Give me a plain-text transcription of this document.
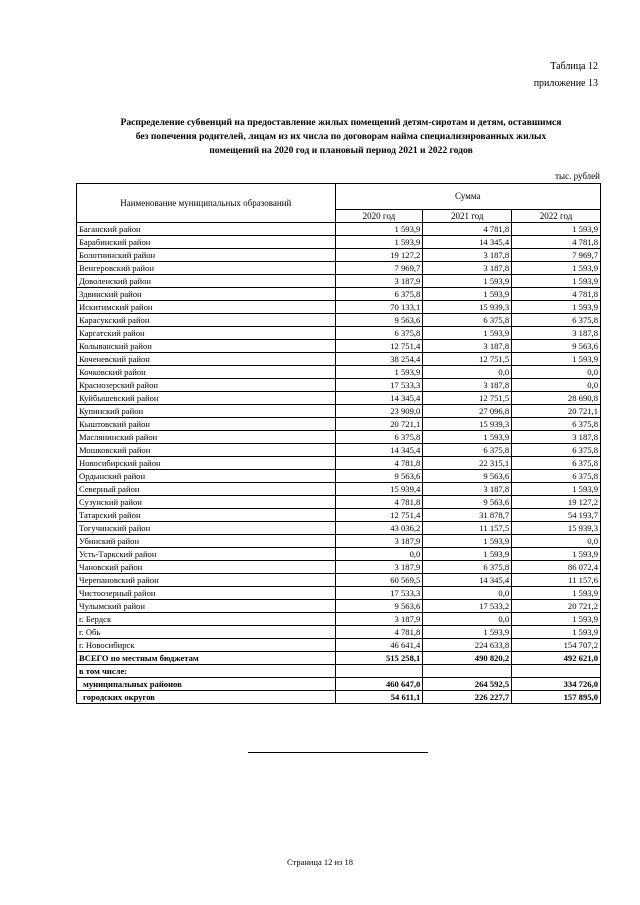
Таблица 12
приложение 13
Распределение субвенций на предоставление жилых помещений детям-сиротам и детям, оставшимся
без попечения родителей, лицам из их числа по договорам найма специализированных жилых
помещений на 2020 год и плановый период 2021 и 2022 годов
тыс. рублей
Наименование муниципальных образований	Сумма		
	2020 год	2021 год	2022 год
Баганский район	1 593,9	4 781,8	1 593,9
Барабинский район	1 593,9	14 345,4	4 781,8
Болотнинский район	19 127,2	3 187,8	7 969,7
Венгеровский район	7 969,7	3 187,8	1 593,9
Доволенский район	3 187,9	1 593,9	1 593,9
Здвинский район	6 375,8	1 593,9	4 781,8
Искитимский район	70 133,1	15 939,3	1 593,9
Карасукский район	9 563,6	6 375,8	6 375,8
Каргатский район	6 375,8	1 593,9	3 187,8
Колыванский район	12 751,4	3 187,8	9 563,6
Коченевский район	38 254,4	12 751,5	1 593,9
Кочковский район	1 593,9	0,0	0,0
Краснозерский район	17 533,3	3 187,8	0,0
Куйбышевский район	14 345,4	12 751,5	28 690,8
Купинский район	23 909,0	27 096,8	20 721,1
Кыштовский район	20 721,1	15 939,3	6 375,8
Маслянинский район	6 375,8	1 593,9	3 187,8
Мошковский район	14 345,4	6 375,8	6 375,8
Новосибирский район	4 781,8	22 315,1	6 375,8
Ордынский район	9 563,6	9 563,6	6 375,8
Северный район	15 939,4	3 187,8	1 593,9
Сузунский район	4 781,8	9 563,6	19 127,2
Татарский район	12 751,4	31 878,7	54 193,7
Тогучинский район	43 036,2	11 157,5	15 939,3
Убинский район	3 187,9	1 593,9	0,0
Усть-Таркский район	0,0	1 593,9	1 593,9
Чановский район	3 187,9	6 375,8	86 072,4
Черепановский район	60 569,5	14 345,4	11 157,6
Чистоозерный район	17 533,3	0,0	1 593,9
Чулымский район	9 563,6	17 533,2	20 721,2
г. Бердск	3 187,9	0,0	1 593,9
г. Обь	4 781,8	1 593,9	1 593,9
г. Новосибирск	46 641,4	224 633,8	154 707,2
ВСЕГО по местным бюджетам	515 258,1	490 820,2	492 621,0
в том числе:			
муниципальных районов	460 647,0	264 592,5	334 726,0
городских округов	54 611,1	226 227,7	157 895,0
Страница 12 из 18
